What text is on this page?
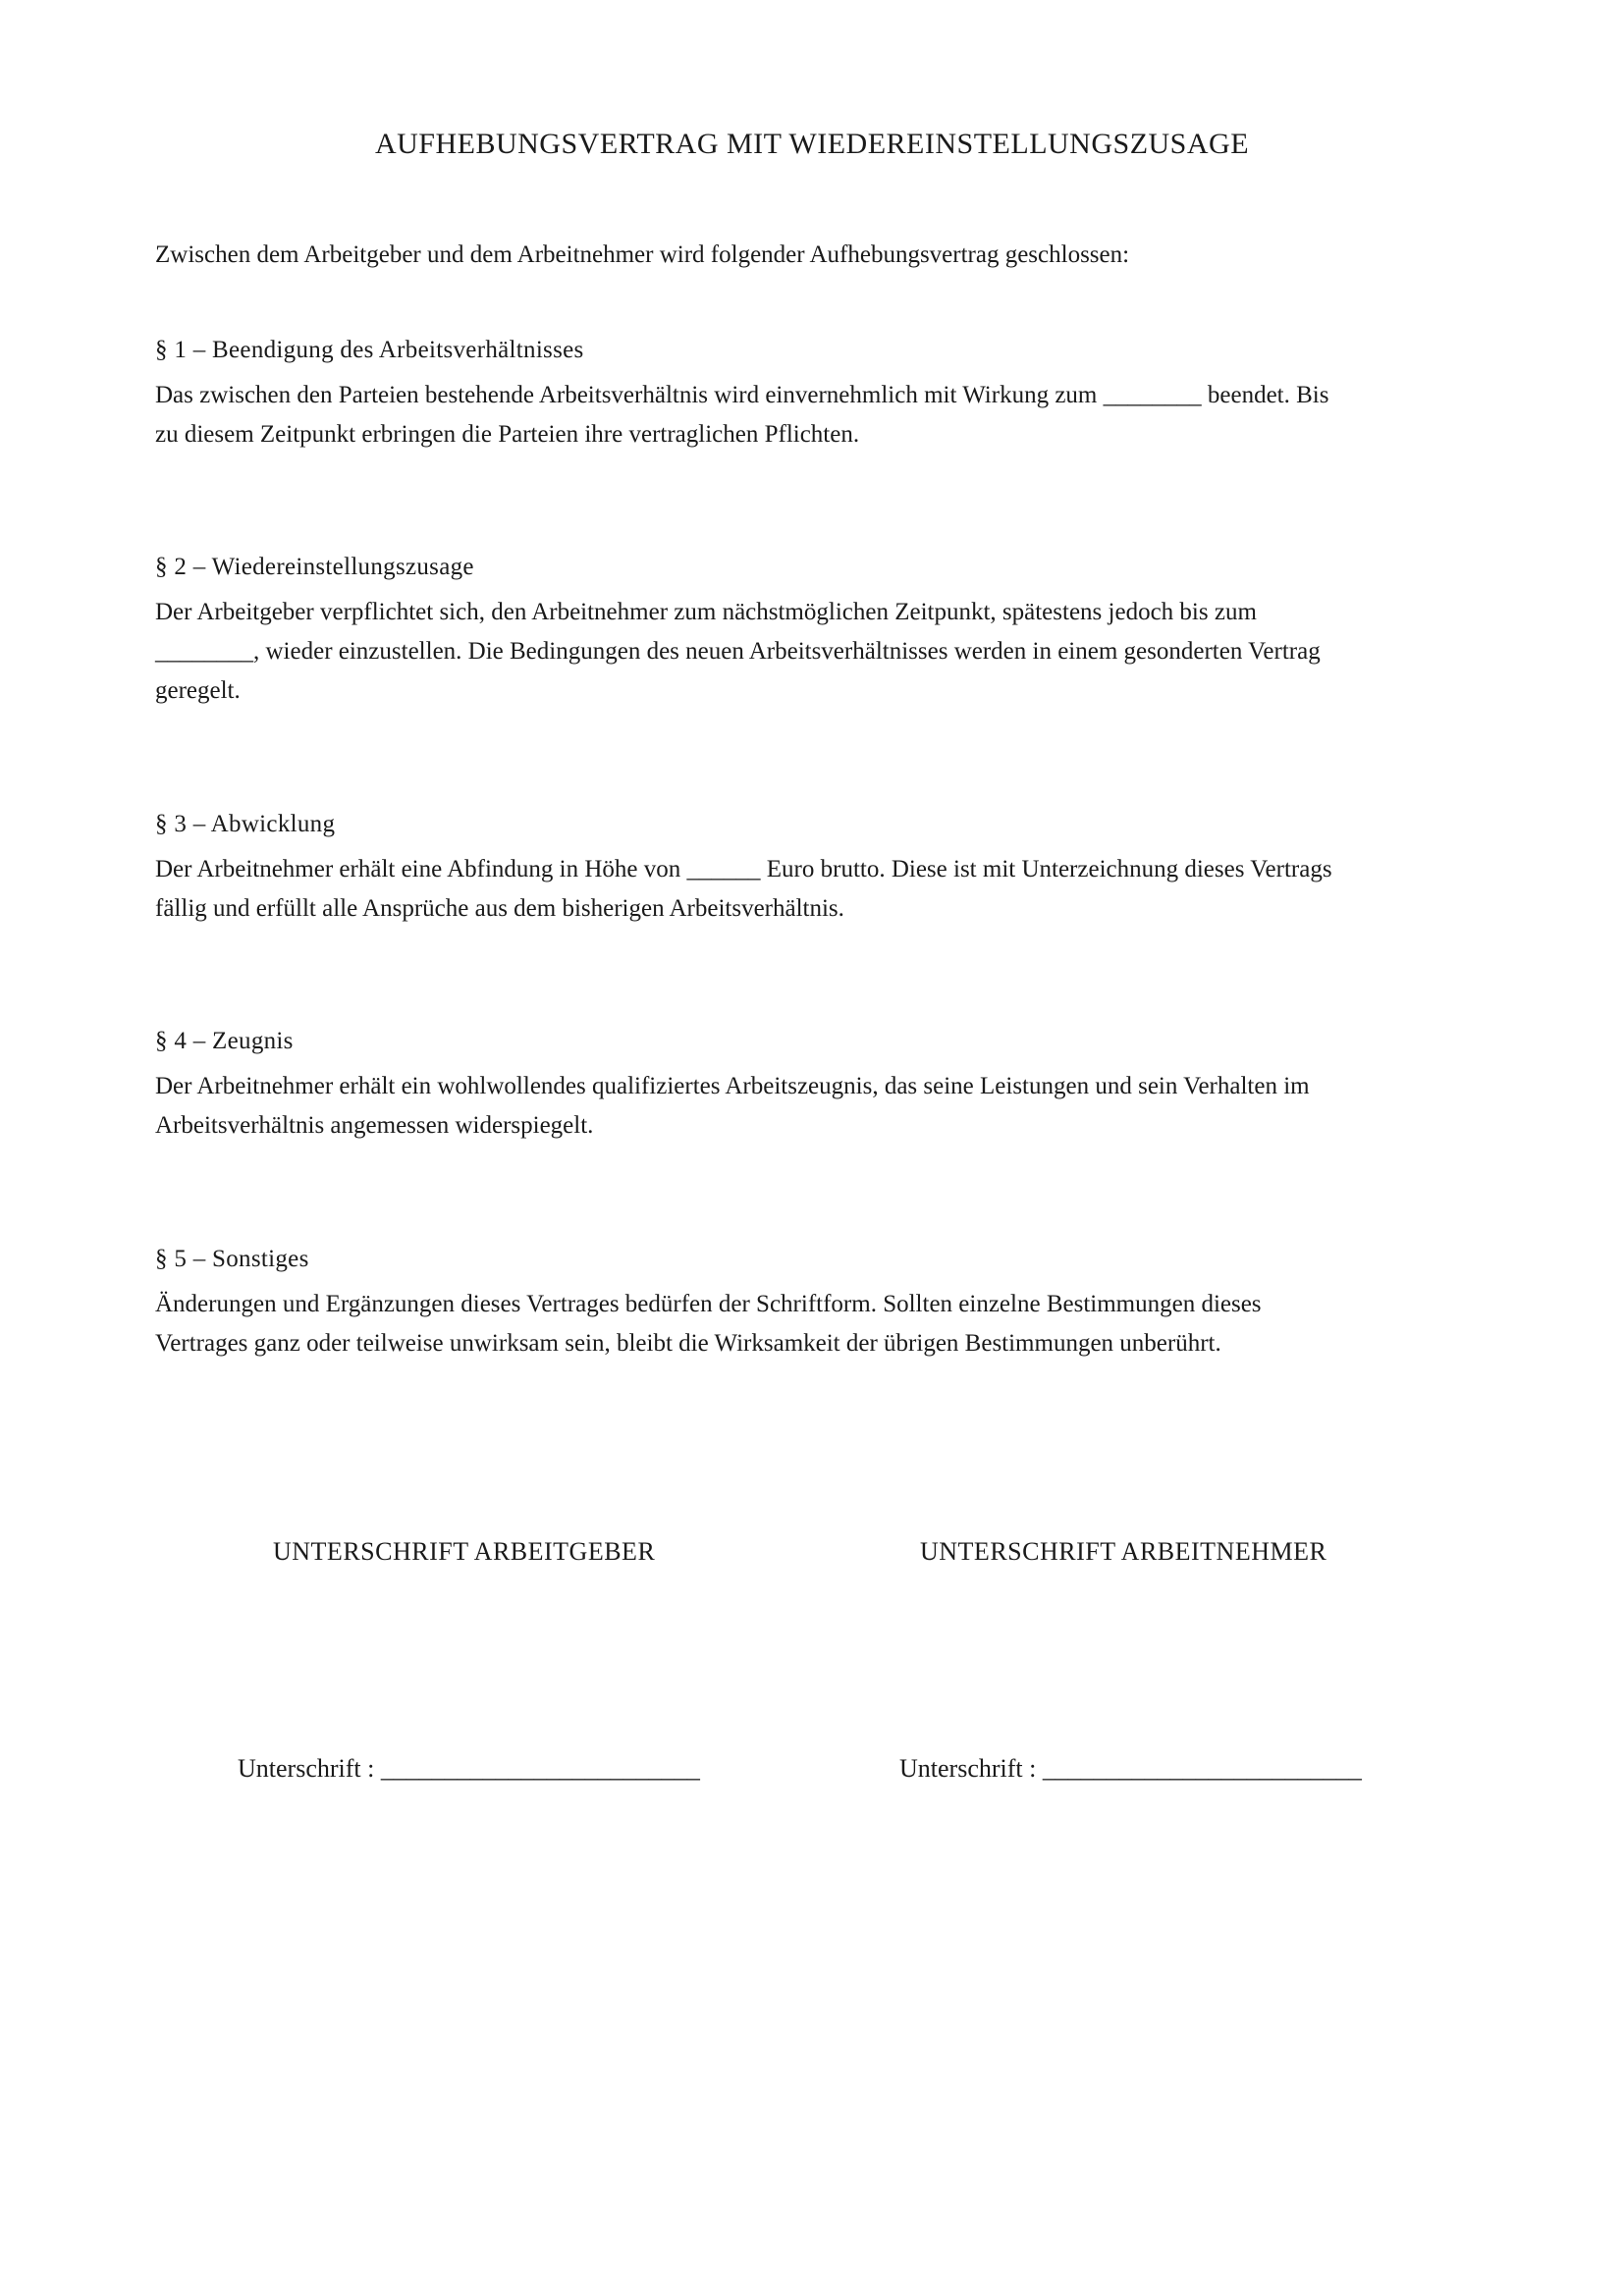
AUFHEBUNGSVERTRAG MIT WIEDEREINSTELLUNGSZUSAGE
Zwischen dem Arbeitgeber und dem Arbeitnehmer wird folgender Aufhebungsvertrag geschlossen:
§ 1 – Beendigung des Arbeitsverhältnisses
Das zwischen den Parteien bestehende Arbeitsverhältnis wird einvernehmlich mit Wirkung zum ________ beendet. Bis
zu diesem Zeitpunkt erbringen die Parteien ihre vertraglichen Pflichten.
§ 2 – Wiedereinstellungszusage
Der Arbeitgeber verpflichtet sich, den Arbeitnehmer zum nächstmöglichen Zeitpunkt, spätestens jedoch bis zum
________, wieder einzustellen. Die Bedingungen des neuen Arbeitsverhältnisses werden in einem gesonderten Vertrag
geregelt.
§ 3 – Abwicklung
Der Arbeitnehmer erhält eine Abfindung in Höhe von ______ Euro brutto. Diese ist mit Unterzeichnung dieses Vertrags
fällig und erfüllt alle Ansprüche aus dem bisherigen Arbeitsverhältnis.
§ 4 – Zeugnis
Der Arbeitnehmer erhält ein wohlwollendes qualifiziertes Arbeitszeugnis, das seine Leistungen und sein Verhalten im
Arbeitsverhältnis angemessen widerspiegelt.
§ 5 – Sonstiges
Änderungen und Ergänzungen dieses Vertrages bedürfen der Schriftform. Sollten einzelne Bestimmungen dieses
Vertrages ganz oder teilweise unwirksam sein, bleibt die Wirksamkeit der übrigen Bestimmungen unberührt.
UNTERSCHRIFT ARBEITGEBER	UNTERSCHRIFT ARBEITNEHMER
Unterschrift : _________________________	Unterschrift : _________________________
